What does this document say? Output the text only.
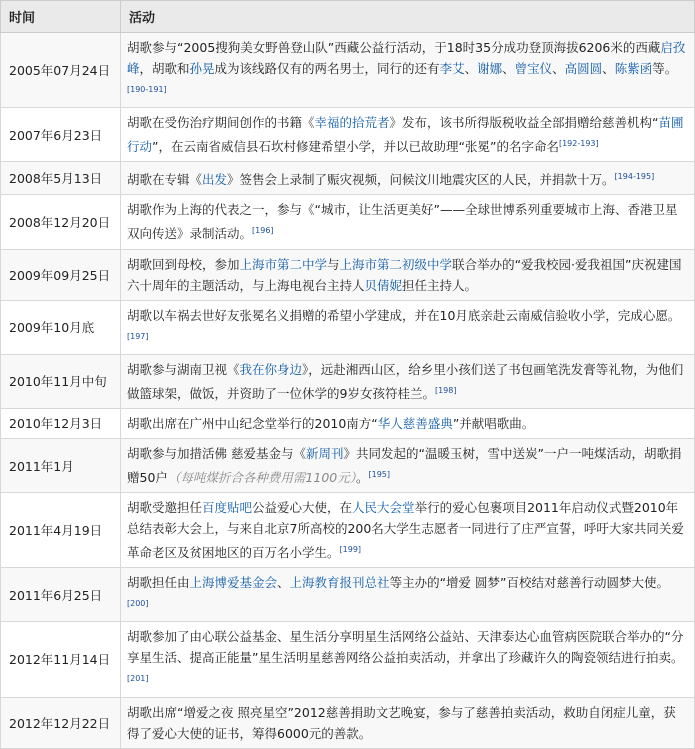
时间	活动
2005年07月24日	胡歌参与“2005搜狗美女野兽登山队”西藏公益行活动，于18时35分成功登顶海拔6206米的西藏启孜峰，胡歌和孙晃成为该线路仅有的两名男士，同行的还有李艾、谢娜、曾宝仪、高圆圆、陈紫函等。[190-191]
2007年6月23日	胡歌在受伤治疗期间创作的书籍《幸福的拾荒者》发布，该书所得版税收益全部捐赠给慈善机构“苗圃行动”，在云南省威信县石坎村修建希望小学，并以已故助理“张冕”的名字命名[192-193]
2008年5月13日	胡歌在专辑《出发》签售会上录制了赈灾视频，问候汶川地震灾区的人民，并捐款十万。[194-195]
2008年12月20日	胡歌作为上海的代表之一，参与《“城市，让生活更美好”——全球世博系列重要城市上海、香港卫星双向传送》录制活动。[196]
2009年09月25日	胡歌回到母校，参加上海市第二中学与上海市第二初级中学联合举办的“爱我校园·爱我祖国”庆祝建国六十周年的主题活动，与上海电视台主持人贝倩妮担任主持人。
2009年10月底	胡歌以车祸去世好友张冕名义捐赠的希望小学建成，并在10月底亲赴云南威信验收小学，完成心愿。[197]
2010年11月中旬	胡歌参与湖南卫视《我在你身边》，远赴湘西山区，给乡里小孩们送了书包画笔洗发膏等礼物，为他们做篮球架，做饭，并资助了一位休学的9岁女孩符桂兰。[198]
2010年12月3日	胡歌出席在广州中山纪念堂举行的2010南方“华人慈善盛典”并献唱歌曲。
2011年1月	胡歌参与加措活佛 慈爱基金与《新周刊》共同发起的“温暖玉树，雪中送炭”一户一吨煤活动，胡歌捐赠50户（每吨煤折合各种费用需1100元）。[195]
2011年4月19日	胡歌受邀担任百度贴吧公益爱心大使，在人民大会堂举行的爱心包裹项目2011年启动仪式暨2010年总结表彰大会上，与来自北京7所高校的200名大学生志愿者一同进行了庄严宣誓，呼吁大家共同关爱革命老区及贫困地区的百万名小学生。[199]
2011年6月25日	胡歌担任由上海博爱基金会、上海教育报刊总社等主办的“增爱 圆梦”百校结对慈善行动圆梦大使。[200]
2012年11月14日	胡歌参加了由心联公益基金、星生活分享明星生活网络公益站、天津泰达心血管病医院联合举办的“分享星生活、提高正能量”星生活明星慈善网络公益拍卖活动，并拿出了珍藏许久的陶瓷领结进行拍卖。[201]
2012年12月22日	胡歌出席“增爱之夜 照亮星空”2012慈善捐助文艺晚宴，参与了慈善拍卖活动，救助自闭症儿童，获得了爱心大使的证书，筹得6000元的善款。
